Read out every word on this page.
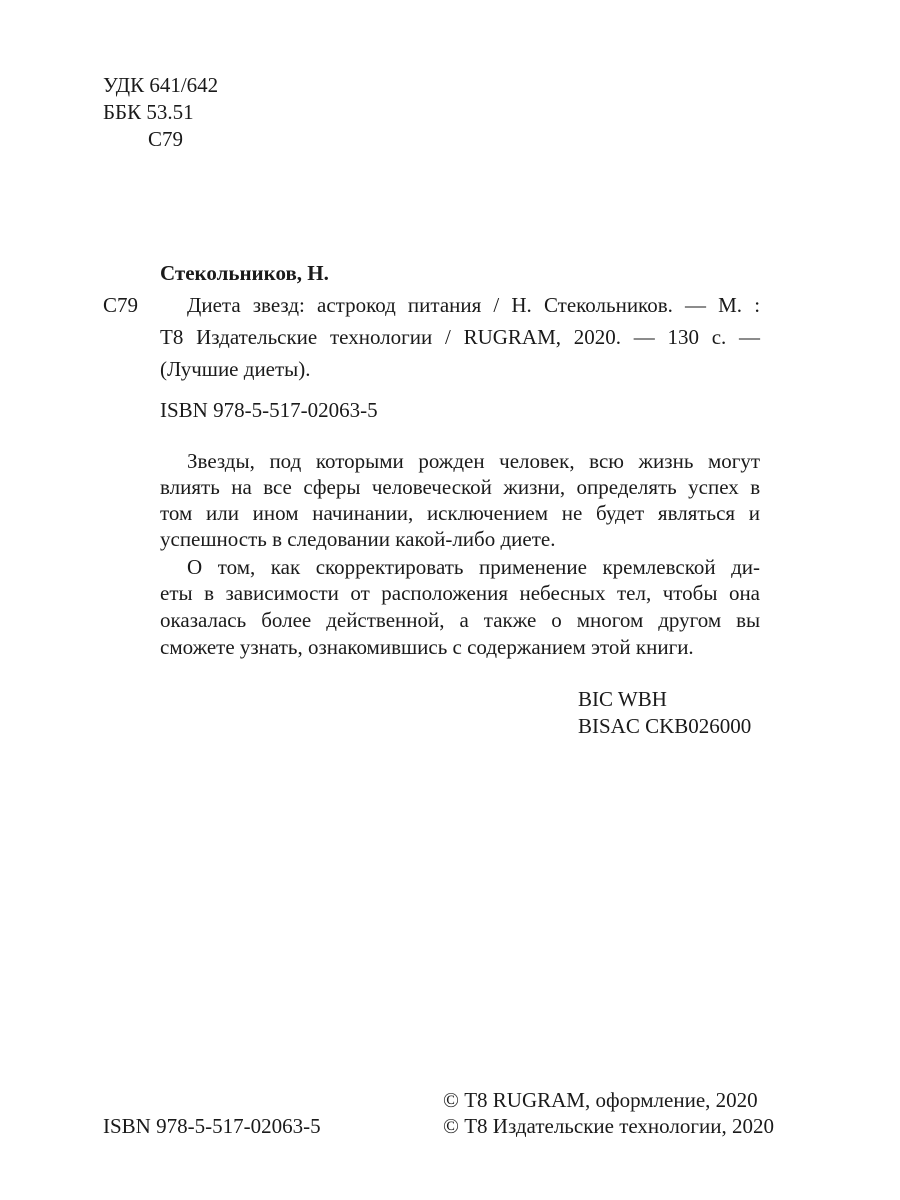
УДК 641/642
ББК 53.51
С79
Стекольников, Н.
С79 Диета звезд: астрокод питания / Н. Стекольников. — М. :
Т8 Издательские технологии / RUGRAM, 2020. — 130 с. —
(Лучшие диеты).
ISBN 978-5-517-02063-5
Звезды, под которыми рожден человек, всю жизнь могут
влиять на все сферы человеческой жизни, определять успех в
том или ином начинании, исключением не будет являться и
успешность в следовании какой-либо диете.
О том, как скорректировать применение кремлевской ди-
еты в зависимости от расположения небесных тел, чтобы она
оказалась более действенной, а также о многом другом вы
сможете узнать, ознакомившись с содержанием этой книги.
BIC WBH
BISAC CKB026000
© Т8 RUGRAM, оформление, 2020
ISBN 978-5-517-02063-5	© Т8 Издательские технологии, 2020
